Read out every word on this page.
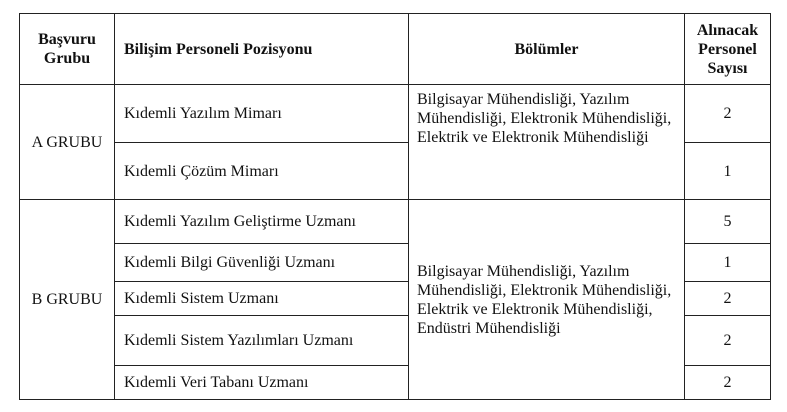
Başvuru Grubu	Bilişim Personeli Pozisyonu	Bölümler	Alınacak Personel Sayısı
A GRUBU	Kıdemli Yazılım Mimarı	Bilgisayar Mühendisliği, Yazılım Mühendisliği, Elektronik Mühendisliği, Elektrik ve Elektronik Mühendisliği	2
	Kıdemli Çözüm Mimarı		1
B GRUBU	Kıdemli Yazılım Geliştirme Uzmanı	Bilgisayar Mühendisliği, Yazılım Mühendisliği, Elektronik Mühendisliği, Elektrik ve Elektronik Mühendisliği, Endüstri Mühendisliği	5
	Kıdemli Bilgi Güvenliği Uzmanı		1
	Kıdemli Sistem Uzmanı		2
	Kıdemli Sistem Yazılımları Uzmanı		2
	Kıdemli Veri Tabanı Uzmanı		2
